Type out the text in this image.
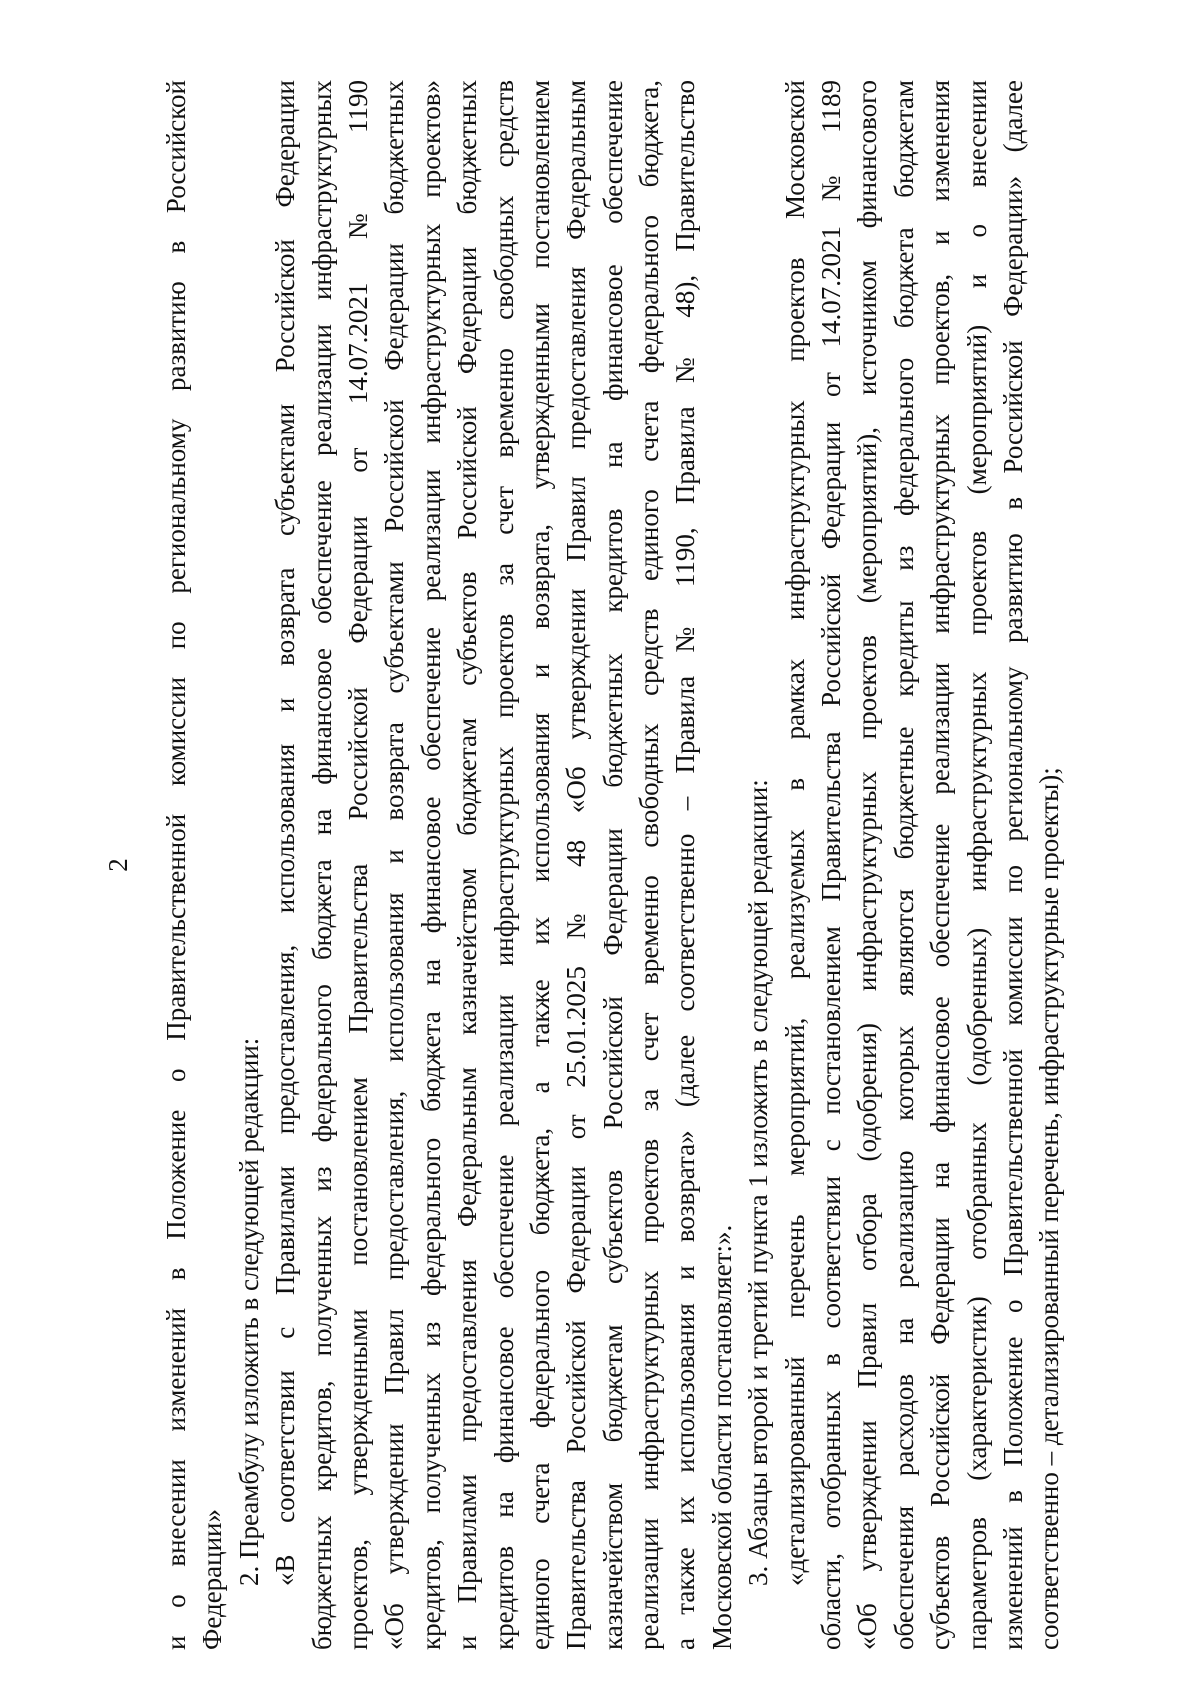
2 и о внесении изменений в Положение о Правительственной комиссии по региональному развитию в Российской Федерации» 2. Преамбулу изложить в следующей редакции: «В соответствии с Правилами предоставления, использования и возврата субъектами Российской Федерации бюджетных кредитов, полученных из федерального бюджета на финансовое обеспечение реализации инфраструктурных проектов, утвержденными постановлением Правительства Российской Федерации от 14.07.2021 № 1190 «Об утверждении Правил предоставления, использования и возврата субъектами Российской Федерации бюджетных кредитов, полученных из федерального бюджета на финансовое обеспечение реализации инфраструктурных проектов» и Правилами предоставления Федеральным казначейством бюджетам субъектов Российской Федерации бюджетных кредитов на финансовое обеспечение реализации инфраструктурных проектов за счет временно свободных средств единого счета федерального бюджета, а также их использования и возврата, утвержденными постановлением Правительства Российской Федерации от 25.01.2025 № 48 «Об утверждении Правил предоставления Федеральным казначейством бюджетам субъектов Российской Федерации бюджетных кредитов на финансовое обеспечение реализации инфраструктурных проектов за счет временно свободных средств единого счета федерального бюджета, а также их использования и возврата» (далее соответственно – Правила № 1190, Правила № 48), Правительство Московской области постановляет:». 3. Абзацы второй и третий пункта 1 изложить в следующей редакции: «детализированный перечень мероприятий, реализуемых в рамках инфраструктурных проектов Московской области, отобранных в соответствии с постановлением Правительства Российской Федерации от 14.07.2021 № 1189 «Об утверждении Правил отбора (одобрения) инфраструктурных проектов (мероприятий), источником финансового обеспечения расходов на реализацию которых являются бюджетные кредиты из федерального бюджета бюджетам субъектов Российской Федерации на финансовое обеспечение реализации инфраструктурных проектов, и изменения параметров (характеристик) отобранных (одобренных) инфраструктурных проектов (мероприятий) и о внесении изменений в Положение о Правительственной комиссии по региональному развитию в Российской Федерации» (далее соответственно – детализированный перечень, инфраструктурные проекты);
